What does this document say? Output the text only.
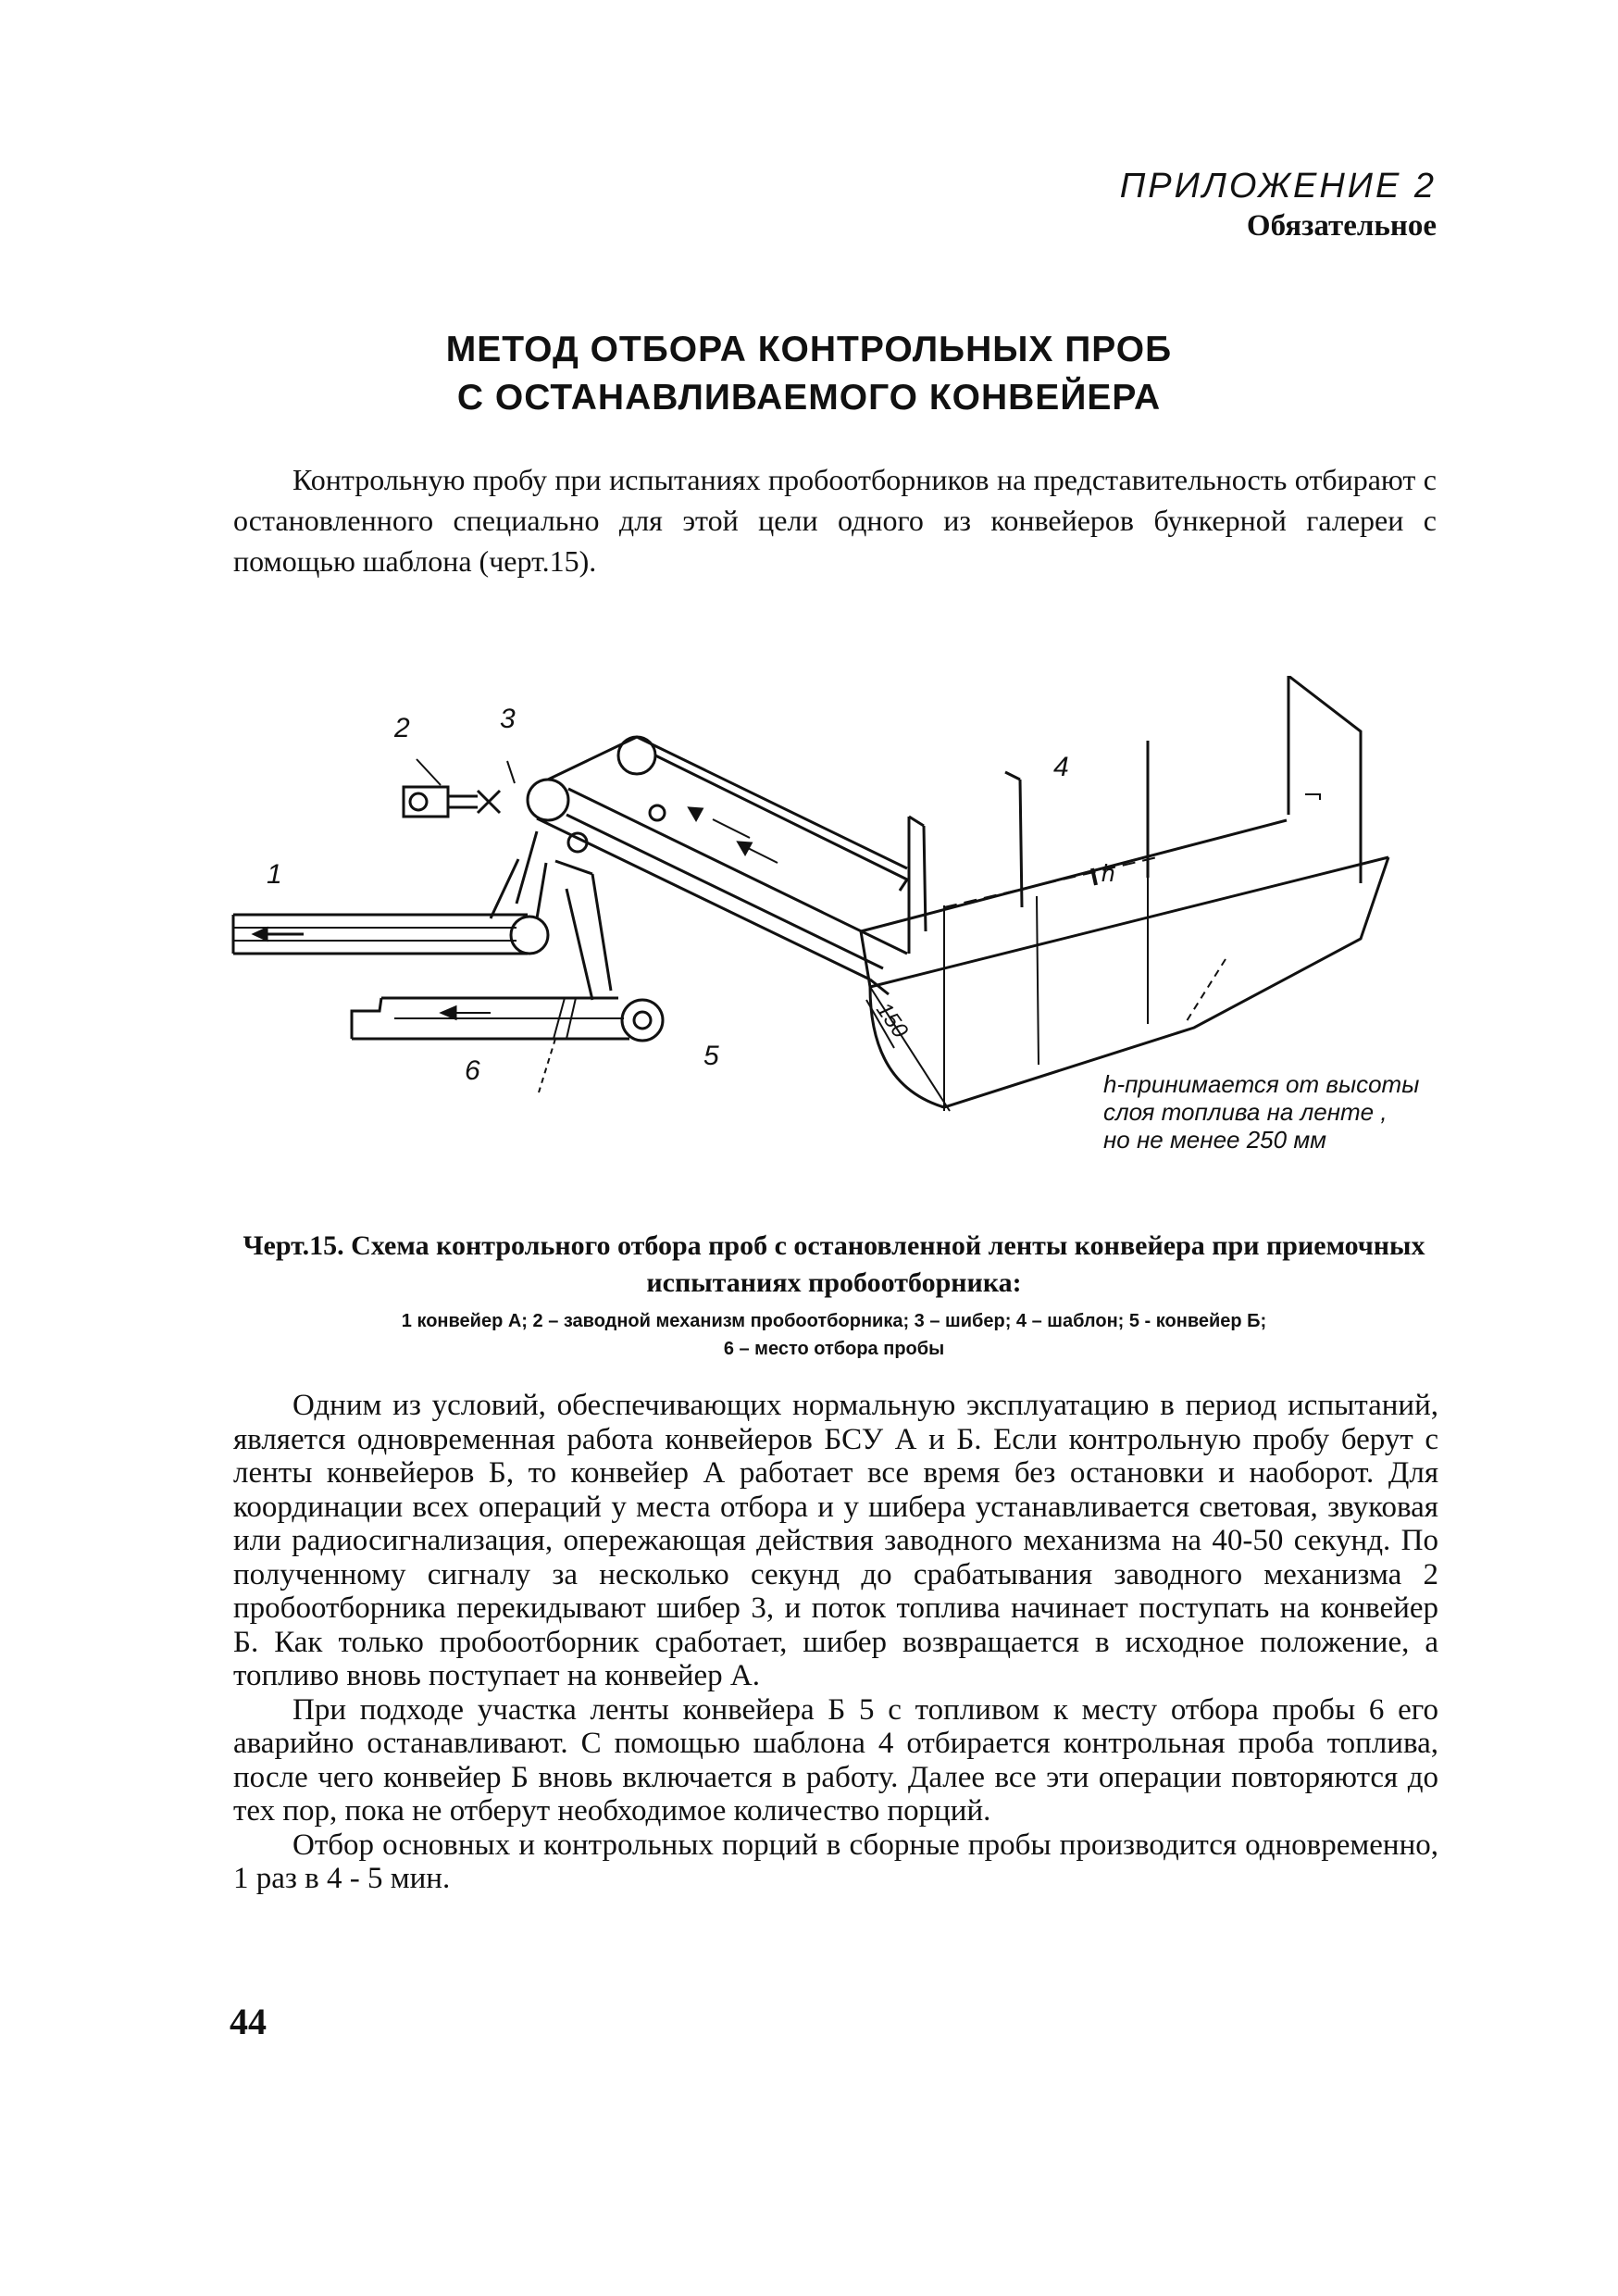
ПРИЛОЖЕНИЕ 2
Обязательное
МЕТОД ОТБОРА КОНТРОЛЬНЫХ ПРОБ
С ОСТАНАВЛИВАЕМОГО КОНВЕЙЕРА
Контрольную пробу при испытаниях пробоотборников на представительность отбирают с остановленного специально для этой цели одного из конвейеров бункерной галереи с помощью шаблона (черт.15).
1
2	3
4
5
6
150
h
h-принимается от высоты
слоя топлива на ленте ,
но не менее 250 мм
Черт.15. Схема контрольного отбора проб с остановленной ленты конвейера при приемочных испытаниях пробоотборника:
1 конвейер А; 2 – заводной механизм пробоотборника; 3 – шибер; 4 – шаблон; 5 - конвейер Б;
6 – место отбора пробы

Одним из условий, обеспечивающих нормальную эксплуатацию в период испытаний, является одновременная работа конвейеров БСУ А и Б. Если контрольную пробу берут с ленты конвейеров Б, то конвейер А работает все время без остановки и наоборот. Для координации всех операций у места отбора и у шибера устанавливается световая, звуковая или радиосигнализация, опережающая действия заводного механизма на 40-50 секунд. По полученному сигналу за несколько секунд до срабатывания заводного механизма 2 пробоотборника перекидывают шибер 3, и поток топлива начинает поступать на конвейер Б. Как только пробоотборник сработает, шибер возвращается в исходное положение, а топливо вновь поступает на конвейер А.

При подходе участка ленты конвейера Б 5 с топливом к месту отбора пробы 6 его аварийно останавливают. С помощью шаблона 4 отбирается контрольная проба топлива, после чего конвейер Б вновь включается в работу. Далее все эти операции повторяются до тех пор, пока не отберут необходимое количество порций.

Отбор основных и контрольных порций в сборные пробы производится одновременно, 1 раз в 4 - 5 мин.

44
